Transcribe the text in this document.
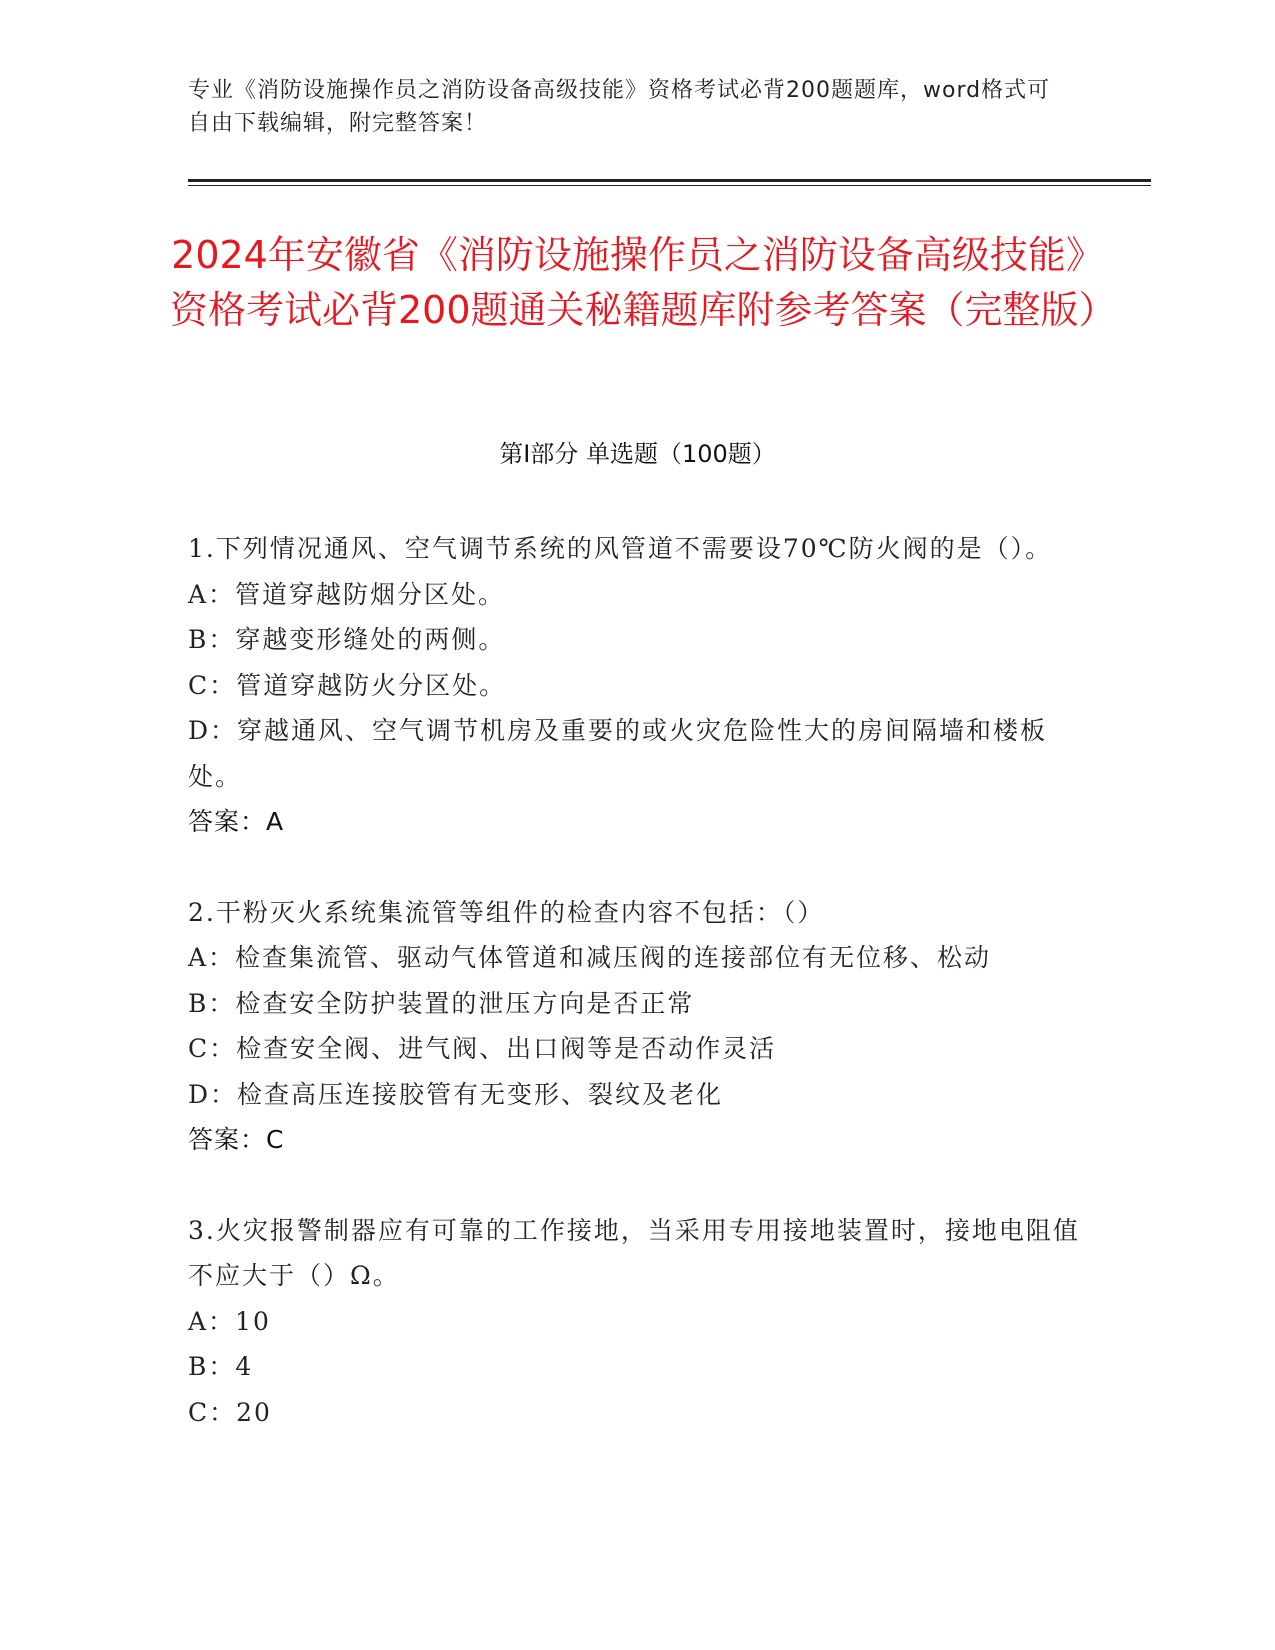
专业《消防设施操作员之消防设备高级技能》资格考试必背200题题库，word格式可自由下载编辑，附完整答案！
2024年安徽省《消防设施操作员之消防设备高级技能》资格考试必背200题通关秘籍题库附参考答案（完整版）
第I部分 单选题（100题）

1.下列情况通风、空气调节系统的风管道不需要设70℃防火阀的是（）。

A：管道穿越防烟分区处。

B：穿越变形缝处的两侧。

C：管道穿越防火分区处。

D：穿越通风、空气调节机房及重要的或火灾危险性大的房间隔墙和楼板处。

答案：A

2.干粉灭火系统集流管等组件的检查内容不包括：（）

A：检查集流管、驱动气体管道和减压阀的连接部位有无位移、松动

B：检查安全防护装置的泄压方向是否正常

C：检查安全阀、进气阀、出口阀等是否动作灵活

D：检查高压连接胶管有无变形、裂纹及老化

答案：C

3.火灾报警制器应有可靠的工作接地，当采用专用接地装置时，接地电阻值不应大于（）Ω。

A：10

B：4

C：20
